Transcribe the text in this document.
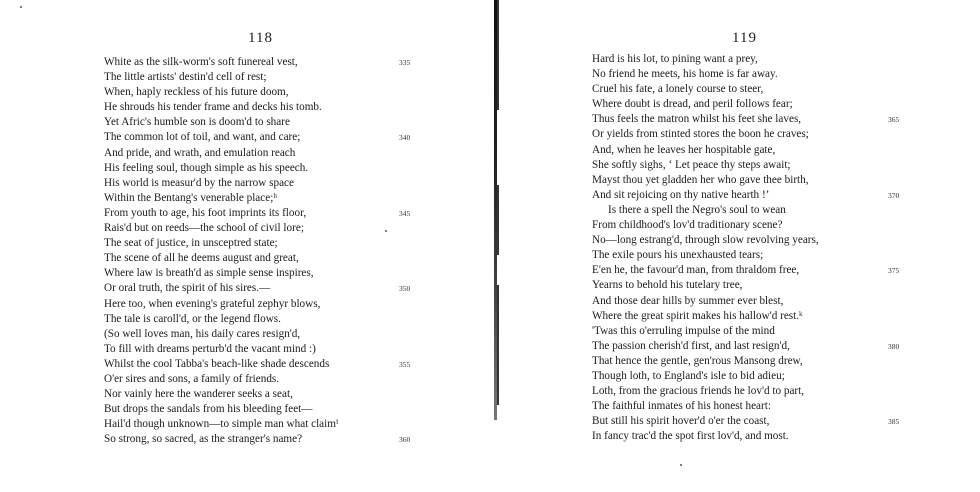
118
White as the silk-worm's soft funereal vest,	335
The little artists' destin'd cell of rest;
When, haply reckless of his future doom,
He shrouds his tender frame and decks his tomb.
Yet Afric's humble son is doom'd to share
The common lot of toil, and want, and care;	340
And pride, and wrath, and emulation reach
His feeling soul, though simple as his speech.
His world is measur'd by the narrow space
Within the Bentang's venerable place;ʰ
From youth to age, his foot imprints its floor,	345
Rais'd but on reeds—the school of civil lore;
The seat of justice, in unsceptred state;
The scene of all he deems august and great,
Where law is breath'd as simple sense inspires,
Or oral truth, the spirit of his sires.—	350
Here too, when evening's grateful zephyr blows,
The tale is caroll'd, or the legend flows.
(So well loves man, his daily cares resign'd,
To fill with dreams perturb'd the vacant mind :)
Whilst the cool Tabba's beach-like shade descends	355
O'er sires and sons, a family of friends.
Nor vainly here the wanderer seeks a seat,
But drops the sandals from his bleeding feet—
Hail'd though unknown—to simple man what claimⁱ
So strong, so sacred, as the stranger's name?	360
119
Hard is his lot, to pining want a prey,
No friend he meets, his home is far away.
Cruel his fate, a lonely course to steer,
Where doubt is dread, and peril follows fear;
Thus feels the matron whilst his feet she laves,	365
Or yields from stinted stores the boon he craves;
And, when he leaves her hospitable gate,
She softly sighs, ‘ Let peace thy steps await;
Mayst thou yet gladden her who gave thee birth,
And sit rejoicing on thy native hearth !’	370
Is there a spell the Negro's soul to wean
From childhood's lov'd traditionary scene?
No—long estrang'd, through slow revolving years,
The exile pours his unexhausted tears;
E'en he, the favour'd man, from thraldom free,	375
Yearns to behold his tutelary tree,
And those dear hills by summer ever blest,
Where the great spirit makes his hallow'd rest.ᵏ
'Twas this o'erruling impulse of the mind
The passion cherish'd first, and last resign'd,	380
That hence the gentle, gen'rous Mansong drew,
Though loth, to England's isle to bid adieu;
Loth, from the gracious friends he lov'd to part,
The faithful inmates of his honest heart:
But still his spirit hover'd o'er the coast,	385
In fancy trac'd the spot first lov'd, and most.
